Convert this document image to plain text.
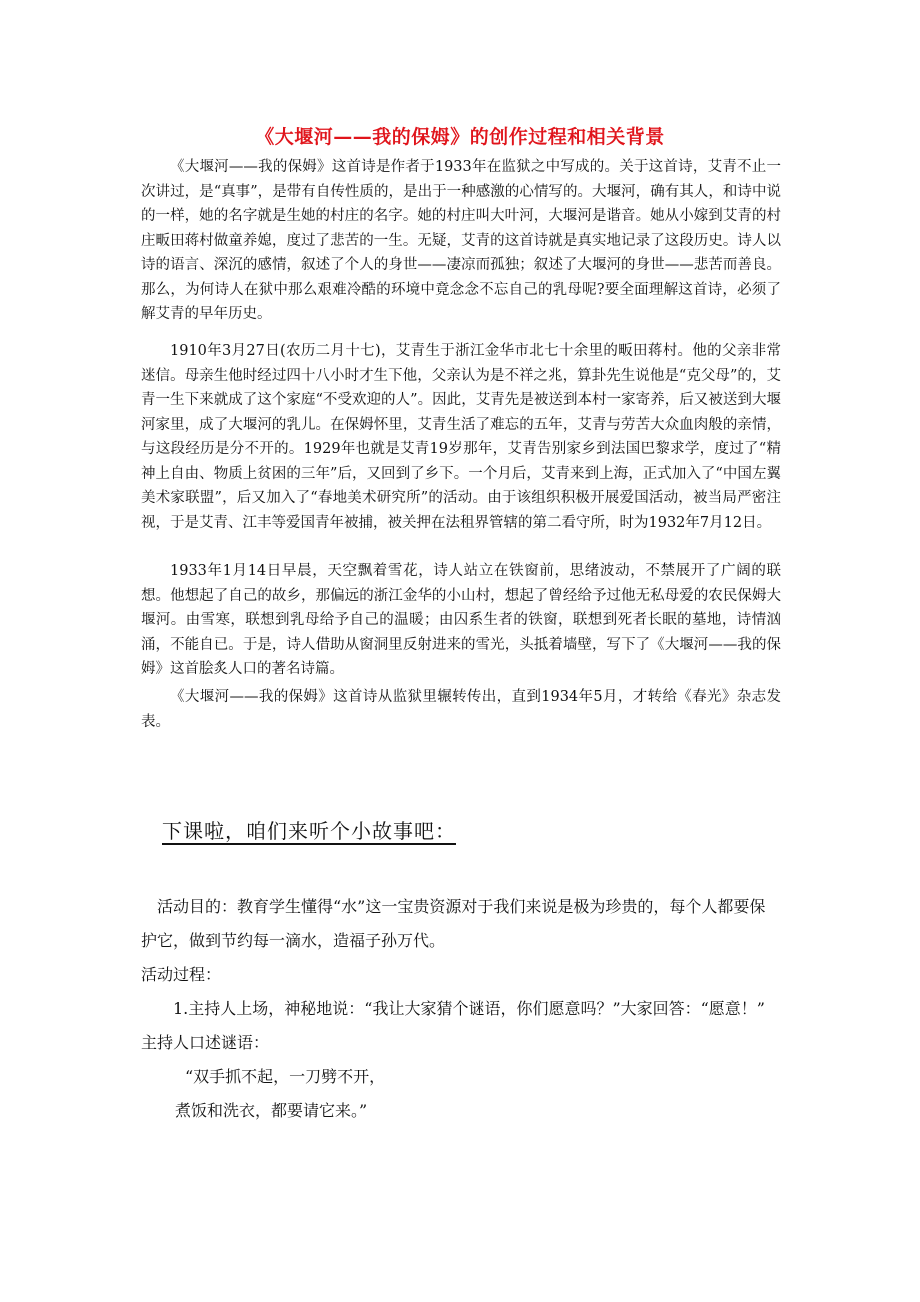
《大堰河——我的保姆》的创作过程和相关背景

《大堰河——我的保姆》这首诗是作者于1933年在监狱之中写成的。关于这首诗，艾青不止一次讲过，是“真事”，是带有自传性质的，是出于一种感激的心情写的。大堰河，确有其人，和诗中说的一样，她的名字就是生她的村庄的名字。她的村庄叫大叶河，大堰河是谐音。她从小嫁到艾青的村庄畈田蒋村做童养媳，度过了悲苦的一生。无疑，艾青的这首诗就是真实地记录了这段历史。诗人以诗的语言、深沉的感情，叙述了个人的身世——凄凉而孤独；叙述了大堰河的身世——悲苦而善良。那么，为何诗人在狱中那么艰难冷酷的环境中竟念念不忘自己的乳母呢?要全面理解这首诗，必须了解艾青的早年历史。

1910年3月27日(农历二月十七)，艾青生于浙江金华市北七十余里的畈田蒋村。他的父亲非常迷信。母亲生他时经过四十八小时才生下他，父亲认为是不祥之兆，算卦先生说他是“克父母”的，艾青一生下来就成了这个家庭“不受欢迎的人”。因此，艾青先是被送到本村一家寄养，后又被送到大堰河家里，成了大堰河的乳儿。在保姆怀里，艾青生活了难忘的五年，艾青与劳苦大众血肉般的亲情，与这段经历是分不开的。1929年也就是艾青19岁那年，艾青告别家乡到法国巴黎求学，度过了“精神上自由、物质上贫困的三年”后，又回到了乡下。一个月后，艾青来到上海，正式加入了“中国左翼美术家联盟”，后又加入了“春地美术研究所”的活动。由于该组织积极开展爱国活动，被当局严密注视，于是艾青、江丰等爱国青年被捕，被关押在法租界管辖的第二看守所，时为1932年7月12日。

1933年1月14日早晨，天空飘着雪花，诗人站立在铁窗前，思绪波动，不禁展开了广阔的联想。他想起了自己的故乡，那偏远的浙江金华的小山村，想起了曾经给予过他无私母爱的农民保姆大堰河。由雪寒，联想到乳母给予自己的温暖；由囚系生者的铁窗，联想到死者长眠的墓地，诗情汹涌，不能自已。于是，诗人借助从窗洞里反射进来的雪光，头抵着墙壁，写下了《大堰河——我的保姆》这首脍炙人口的著名诗篇。

《大堰河——我的保姆》这首诗从监狱里辗转传出，直到1934年5月，才转给《春光》杂志发表。

下课啦，咱们来听个小故事吧：

活动目的：教育学生懂得“水”这一宝贵资源对于我们来说是极为珍贵的，每个人都要保护它，做到节约每一滴水，造福子孙万代。

活动过程：

1.主持人上场，神秘地说：“我让大家猜个谜语，你们愿意吗？”大家回答：“愿意！”

主持人口述谜语：

“双手抓不起，一刀劈不开，

煮饭和洗衣，都要请它来。”
